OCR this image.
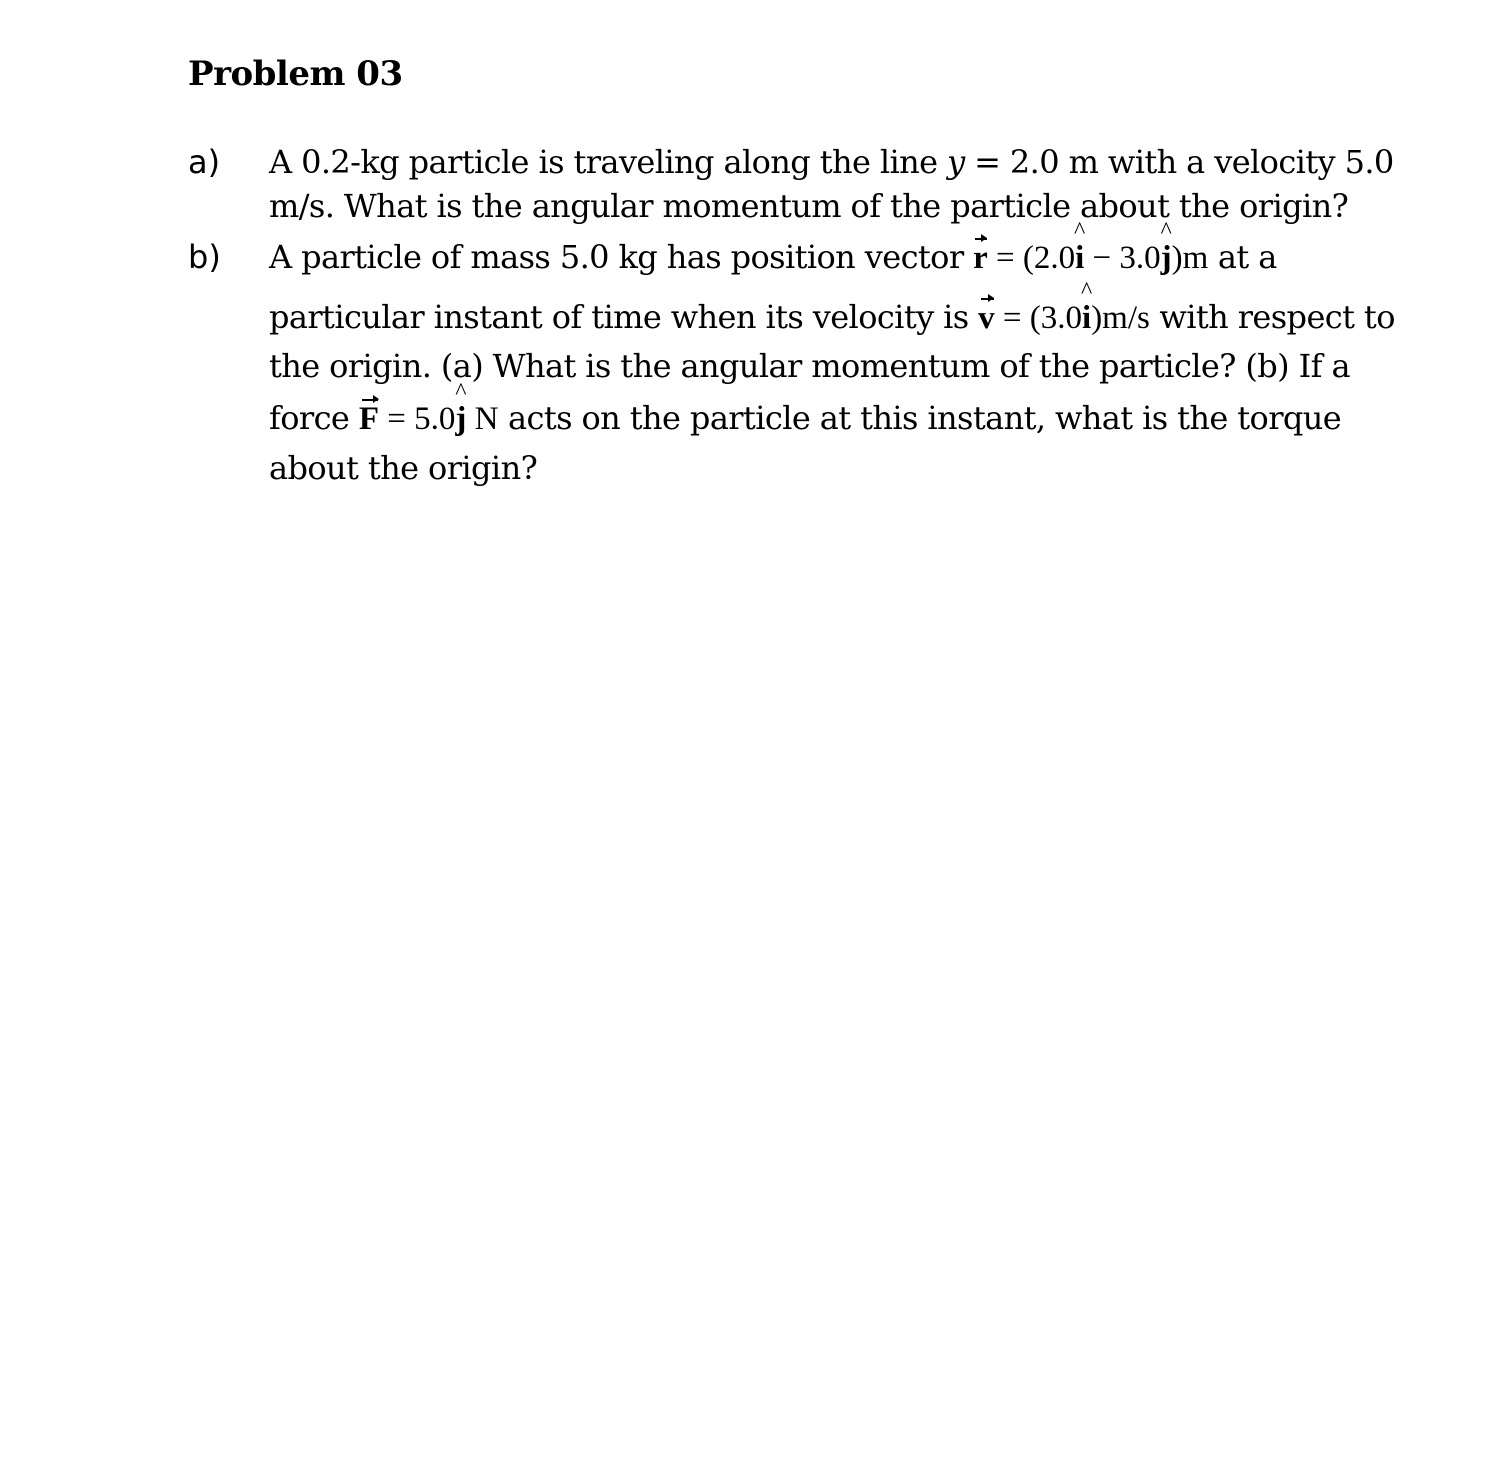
Problem 03
a) A 0.2-kg particle is traveling along the line y = 2.0 m with a velocity 5.0
m/s. What is the angular momentum of the particle about the origin?
b) A particle of mass 5.0 kg has position vector r = (2.0^ i − 3.0^ j)m at a
particular instant of time when its velocity is v = (3.0^ i)m/s with respect to
the origin. (a) What is the angular momentum of the particle? (b) If a
force F = 5.0^ j N acts on the particle at this instant, what is the torque
about the origin?
